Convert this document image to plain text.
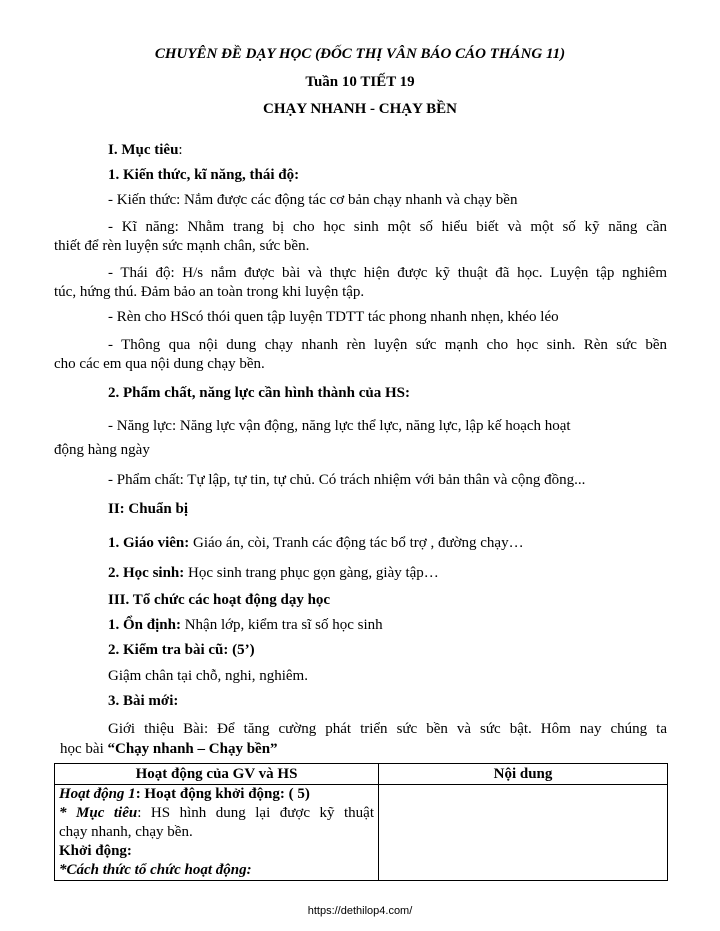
CHUYÊN ĐỀ DẠY HỌC (ĐỐC THỊ VÂN BÁO CÁO THÁNG 11)
Tuần 10 TIẾT 19
CHẠY NHANH - CHẠY BỀN
I. Mục tiêu:
1. Kiến thức, kĩ năng, thái độ:
- Kiến thức: Nắm được các động tác cơ bản chạy nhanh và chạy bền
- Kĩ năng: Nhằm trang bị cho học sinh một số hiểu biết và một số kỹ năng cần
thiết để rèn luyện sức mạnh chân, sức bền.
- Thái độ: H/s nắm được bài và thực hiện được kỹ thuật đã học. Luyện tập nghiêm
túc, hứng thú. Đảm bảo an toàn trong khi luyện tập.
- Rèn cho HScó thói quen tập luyện TDTT tác phong nhanh nhẹn, khéo léo
- Thông qua nội dung chạy nhanh rèn luyện sức mạnh cho học sinh. Rèn sức bền
cho các em qua nội dung chạy bền.
2. Phẩm chất, năng lực cần hình thành của HS:
- Năng lực: Năng lực vận động, năng lực thể lực, năng lực, lập kế hoạch hoạt
động hàng ngày
- Phẩm chất: Tự lập, tự tin, tự chủ. Có trách nhiệm với bản thân và cộng đồng...
II: Chuẩn bị
1. Giáo viên: Giáo án, còi, Tranh các động tác bổ trợ , đường chạy…
2. Học sinh: Học sinh trang phục gọn gàng, giày tập…
III. Tổ chức các hoạt động dạy học
1. Ổn định: Nhận lớp, kiểm tra sĩ số học sinh
2. Kiểm tra bài cũ: (5’)
Giậm chân tại chỗ, nghi, nghiêm.
3. Bài mới:
Giới thiệu Bài: Để tăng cường phát triển sức bền và sức bật. Hôm nay chúng ta
học bài “Chạy nhanh – Chạy bền”
Hoạt động của GV và HS	Nội dung

Hoạt động 1: Hoạt động khởi động: ( 5)
* Mục tiêu: HS hình dung lại được kỹ thuật
chạy nhanh, chạy bền.
Khởi động:
*Cách thức tổ chức hoạt động:	

https://dethilop4.com/
